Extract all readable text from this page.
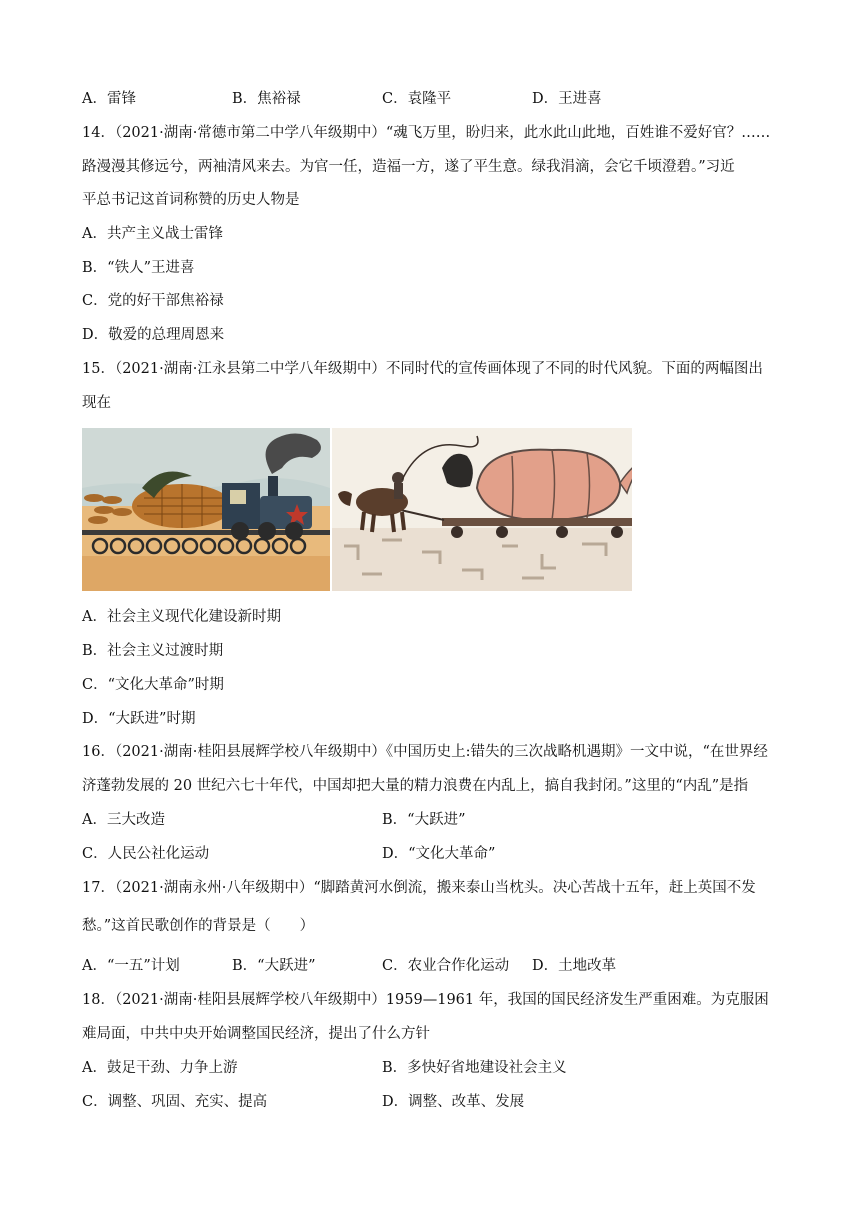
A．雷锋	B．焦裕禄	C．袁隆平	D．王进喜
14．（2021·湖南·常德市第二中学八年级期中）“魂飞万里，盼归来，此水此山此地，百姓谁不爱好官？……
路漫漫其修远兮，两袖清风来去。为官一任，造福一方，遂了平生意。绿我涓滴，会它千顷澄碧。”习近
平总书记这首词称赞的历史人物是
A．共产主义战士雷锋
B．“铁人”王进喜
C．党的好干部焦裕禄
D．敬爱的总理周恩来
15．（2021·湖南·江永县第二中学八年级期中）不同时代的宣传画体现了不同的时代风貌。下面的两幅图出
现在
A．社会主义现代化建设新时期
B．社会主义过渡时期
C．“文化大革命”时期
D．“大跃进”时期
16．（2021·湖南·桂阳县展辉学校八年级期中）《中国历史上:错失的三次战略机遇期》一文中说，“在世界经
济蓬勃发展的 20 世纪六七十年代，中国却把大量的精力浪费在内乱上，搞自我封闭。”这里的“内乱”是指
A．三大改造	B．“大跃进”
C．人民公社化运动	D．“文化大革命”
17．（2021·湖南永州·八年级期中）“脚踏黄河水倒流，搬来泰山当枕头。决心苦战十五年，赶上英国不发
愁。”这首民歌创作的背景是（　　）
A．“一五”计划	B．“大跃进”	C．农业合作化运动 D．土地改革
18．（2021·湖南·桂阳县展辉学校八年级期中）1959—1961 年，我国的国民经济发生严重困难。为克服困
难局面，中共中央开始调整国民经济，提出了什么方针
A．鼓足干劲、力争上游	B．多快好省地建设社会主义
C．调整、巩固、充实、提高	D．调整、改革、发展
